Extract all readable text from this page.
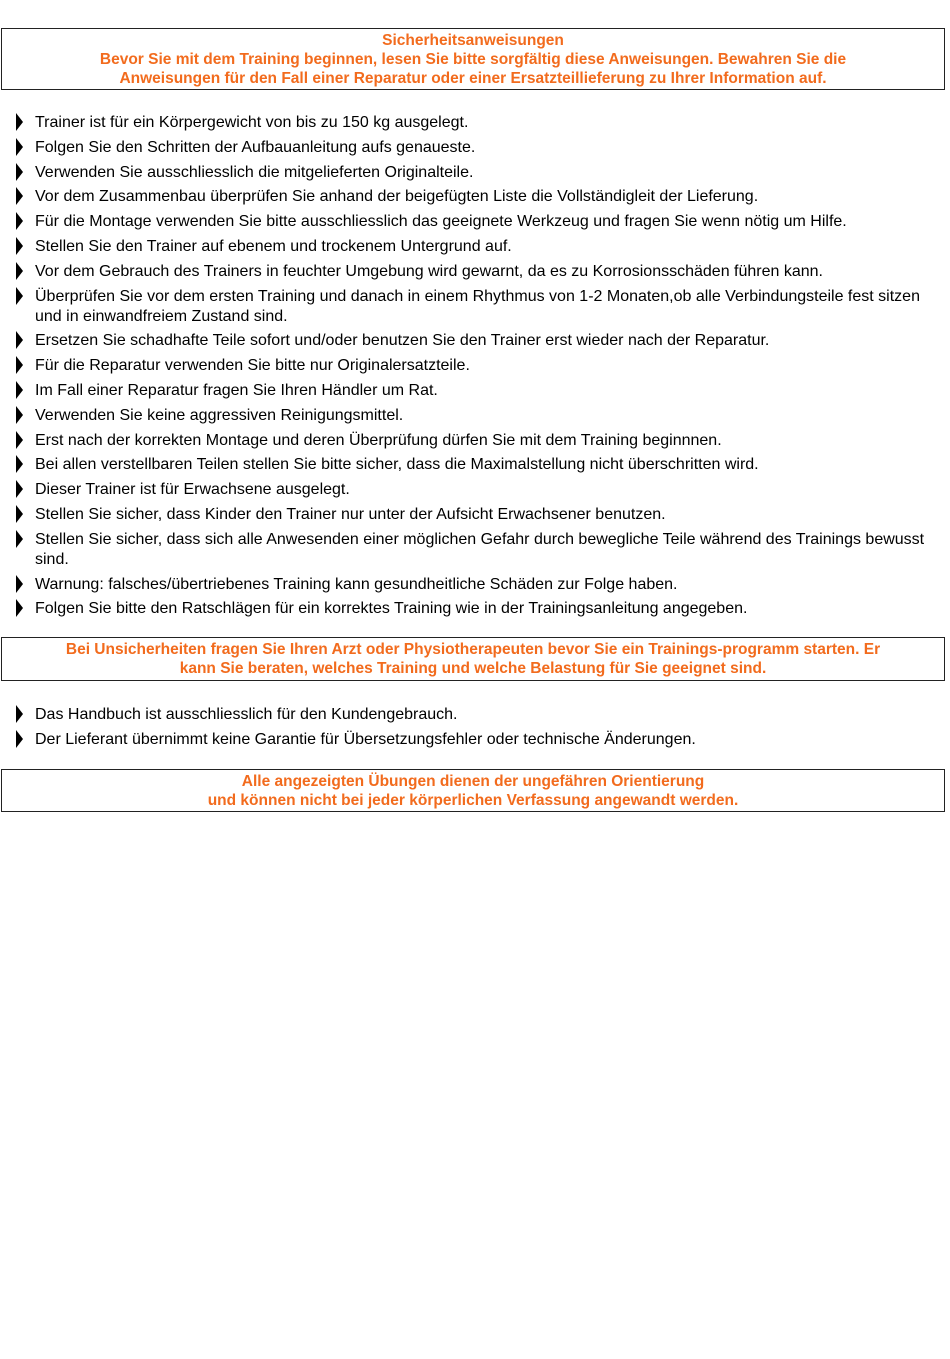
Sicherheitsanweisungen
Bevor Sie mit dem Training beginnen, lesen Sie bitte sorgfältig diese Anweisungen. Bewahren Sie die
Anweisungen für den Fall einer Reparatur oder einer Ersatzteillieferung zu Ihrer Information auf.
Trainer ist für ein Körpergewicht von bis zu 150 kg ausgelegt.
Folgen Sie den Schritten der Aufbauanleitung aufs genaueste.
Verwenden Sie ausschliesslich die mitgelieferten Originalteile.
Vor dem Zusammenbau überprüfen Sie anhand der beigefügten Liste die Vollständigleit der Lieferung.
Für die Montage verwenden Sie bitte ausschliesslich das geeignete Werkzeug und fragen Sie wenn nötig um Hilfe.
Stellen Sie den Trainer auf ebenem und trockenem Untergrund auf.
Vor dem Gebrauch des Trainers in feuchter Umgebung wird gewarnt, da es zu Korrosionsschäden führen kann.
Überprüfen Sie vor dem ersten Training und danach in einem Rhythmus von 1-2 Monaten,ob alle Verbindungsteile fest sitzen und in einwandfreiem Zustand sind.
Ersetzen Sie schadhafte Teile sofort und/oder benutzen Sie den Trainer erst wieder nach der Reparatur.
Für die Reparatur verwenden Sie bitte nur Originalersatzteile.
Im Fall einer Reparatur fragen Sie Ihren Händler um Rat.
Verwenden Sie keine aggressiven Reinigungsmittel.
Erst nach der korrekten Montage und deren Überprüfung dürfen Sie mit dem Training beginnnen.
Bei allen verstellbaren Teilen stellen Sie bitte sicher, dass die Maximalstellung nicht überschritten wird.
Dieser Trainer ist für Erwachsene ausgelegt.
Stellen Sie sicher, dass Kinder den Trainer nur unter der Aufsicht Erwachsener benutzen.
Stellen Sie sicher, dass sich alle Anwesenden einer möglichen Gefahr durch bewegliche Teile während des Trainings bewusst sind.
Warnung: falsches/übertriebenes Training kann gesundheitliche Schäden zur Folge haben.
Folgen Sie bitte den Ratschlägen für ein korrektes Training wie in der Trainingsanleitung angegeben.
Bei Unsicherheiten fragen Sie Ihren Arzt oder Physiotherapeuten bevor Sie ein Trainings-programm starten. Er
kann Sie beraten, welches Training und welche Belastung für Sie geeignet sind.
Das Handbuch ist ausschliesslich für den Kundengebrauch.
Der Lieferant übernimmt keine Garantie für Übersetzungsfehler oder technische Änderungen.
Alle angezeigten Übungen dienen der ungefähren Orientierung
und können nicht bei jeder körperlichen Verfassung angewandt werden.
